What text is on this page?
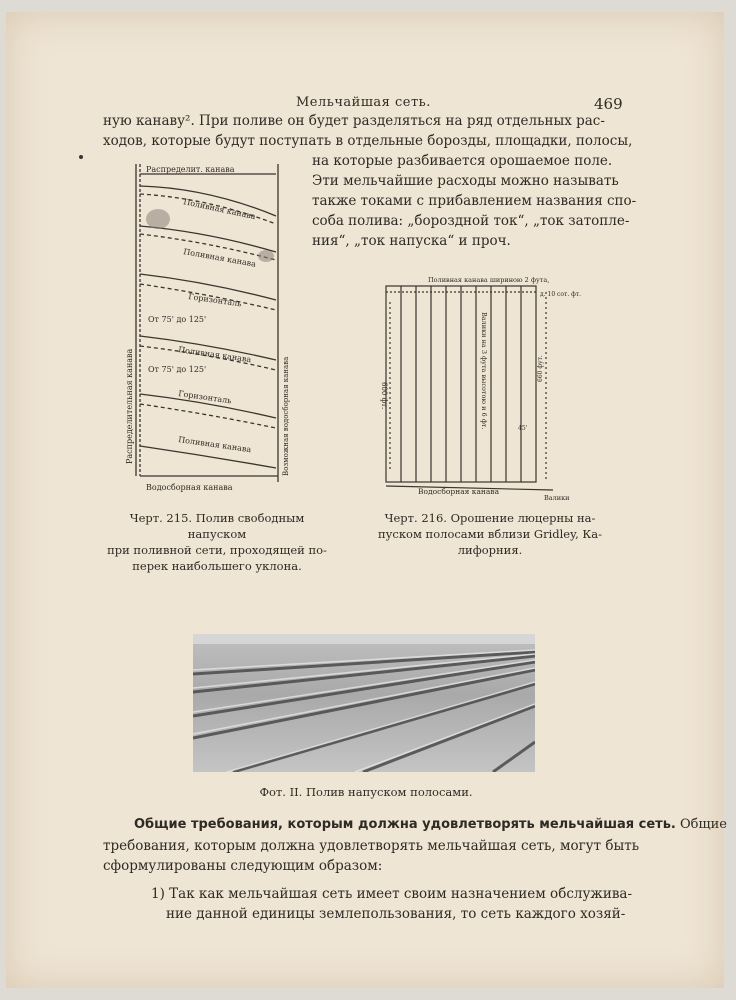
Мельчайшая сеть.	469
ную канаву². При поливе он будет разделяться на ряд отдельных рас-
ходов, которые будут поступать в отдельные борозды, площадки, полосы,
на которые разбивается орошаемое поле.
Эти мельчайшие расходы можно называть
также токами с прибавлением названия спо-
соба полива: „бороздной ток“, „ток затопле-
ния“, „ток напуска“ и проч.
Распределит. канава
Поливная канава
Поливная канава
Горизонталь
От 75' до 125'
Поливная канава
От 75' до 125'
Горизонталь
Поливная канава
Водосборная канава
Распределительная канава	Возможная водосборная канава
Черт. 215. Полив свободным напуском
при поливной сети, проходящей по-
перек наибольшего уклона.
Поливная канава шириною 2 фута,
д. 10 сот. фт.
600 фт.
660 фут.
Валики на 3 фута высотою и 6 фт.	45'
Водосборная канава
Валики
Черт. 216. Орошение люцерны на-
пуском полосами вблизи Gridley, Ка-
лифорния.
Фот. II. Полив напуском полосами.
Общие требования, которым должна удовлетворять мельчайшая сеть. Общие
требования, которым должна удовлетворять мельчайшая сеть, могут быть
сформулированы следующим образом:
1) Так как мельчайшая сеть имеет своим назначением обслужива-
ние данной единицы землепользования, то сеть каждого хозяй-
